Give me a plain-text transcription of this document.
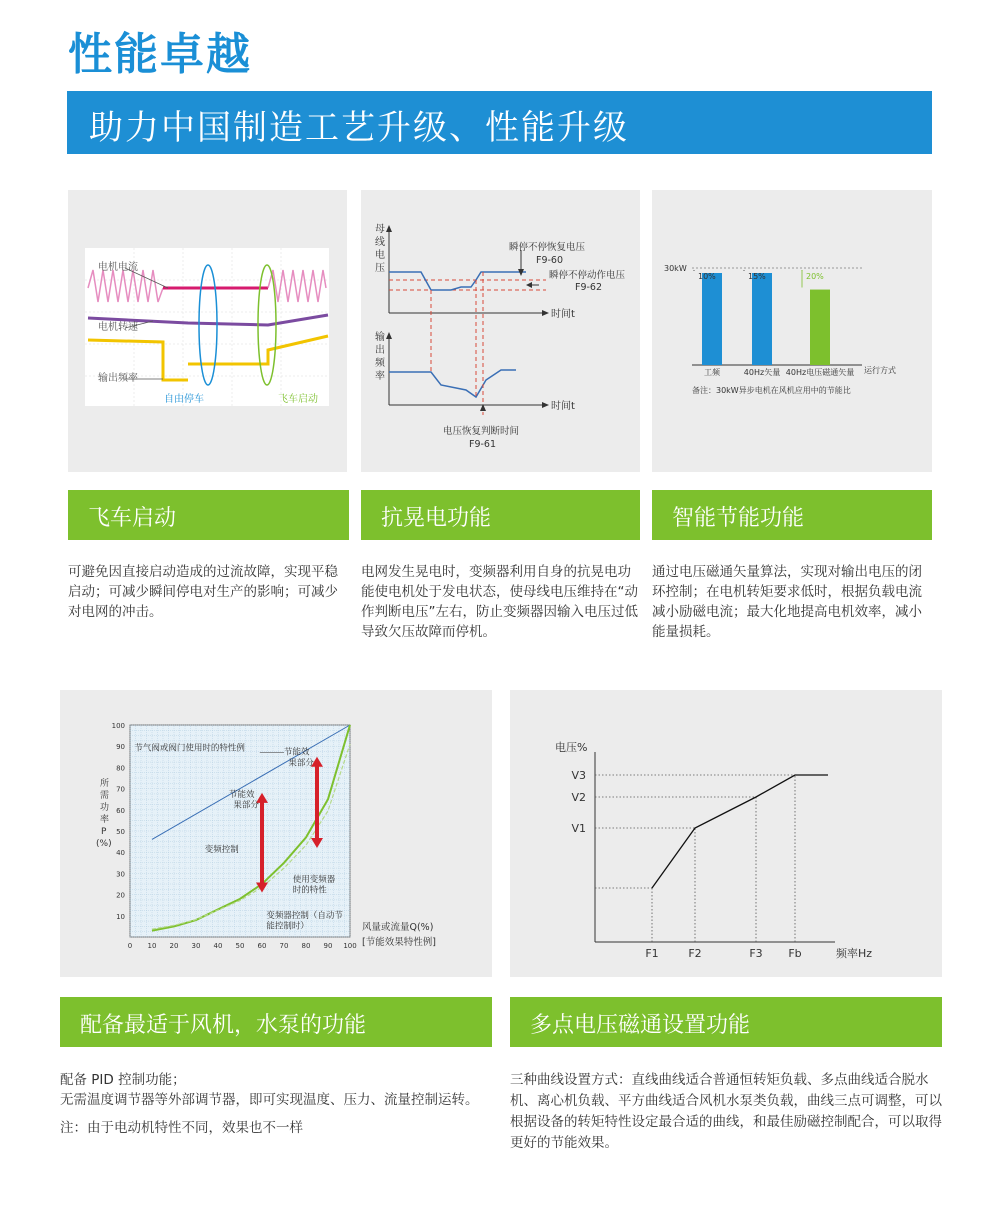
性能卓越
助力中国制造工艺升级、性能升级
电机电流
电机转速
输出频率
自由停车	飞车启动
母
线
电
压
输
出
频
率
时间t
时间t
瞬停不停恢复电压
F9-60
瞬停不停动作电压
F9-62
电压恢复判断时间
F9-61
30kW
10%
工频
15%
40Hz矢量
20%
40Hz电压磁通矢量 运行方式
备注：30kW异步电机在风机应用中的节能比
飞车启动	抗晃电功能	智能节能功能
可避免因直接启动造成的过流故障，实现平稳启动；可减少瞬间停电对生产的影响；可减少对电网的冲击。
电网发生晃电时，变频器利用自身的抗晃电功能使电机处于发电状态，使母线电压维持在“动作判断电压”左右，防止变频器因输入电压过低导致欠压故障而停机。
通过电压磁通矢量算法，实现对输出电压的闭环控制；在电机转矩要求低时，根据负载电流减小励磁电流；最大化地提高电机效率，减小能量损耗。
0 10 20 30 40 50 60 70 80 90 100
10
20
30
40
50
60
70
80
90
100
所
需
功
率
P
(%)
节气阀或阀门使用时的特性例	节能效
果部分
节能效
果部分
变频控制
使用变频器
时的特性
变频器控制（自动节
能控制时）	风量或流量Q(%)
[节能效果特性例]
电压%
频率Hz
F1	F2	F3 Fb
V1
V2
V3
配备最适于风机，水泵的功能	多点电压磁通设置功能
配备 PID 控制功能；
无需温度调节器等外部调节器，即可实现温度、压力、流量控制运转。
注：由于电动机特性不同，效果也不一样
三种曲线设置方式：直线曲线适合普通恒转矩负载、多点曲线适合脱水机、离心机负载、平方曲线适合风机水泵类负载，曲线三点可调整，可以根据设备的转矩特性设定最合适的曲线，和最佳励磁控制配合，可以取得更好的节能效果。
